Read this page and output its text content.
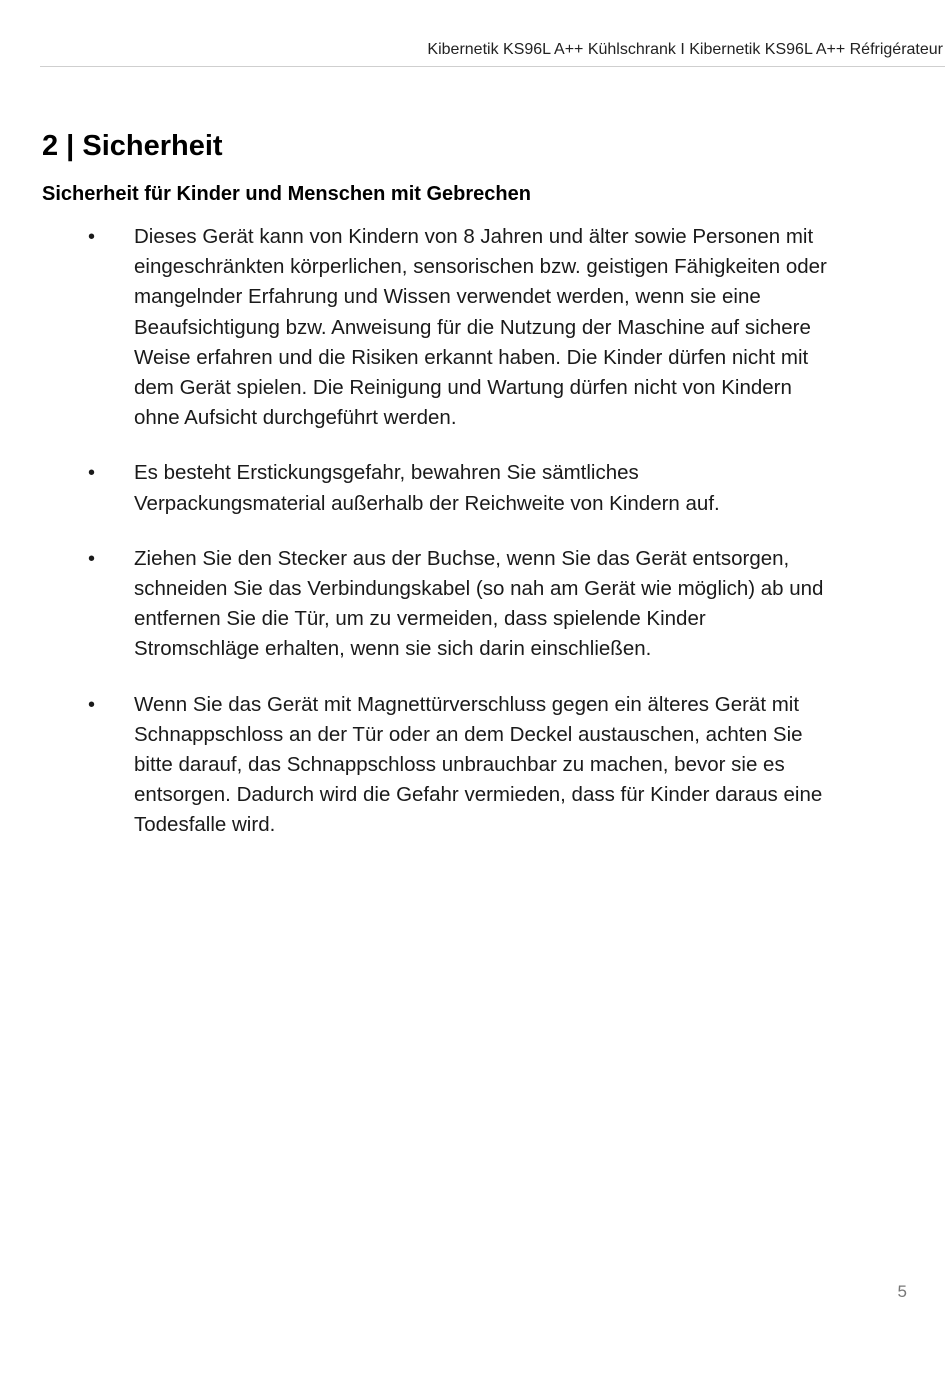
Kibernetik KS96L A++ Kühlschrank I Kibernetik KS96L A++ Réfrigérateur
2 | Sicherheit
Sicherheit für Kinder und Menschen mit Gebrechen
• Dieses Gerät kann von Kindern von 8 Jahren und älter sowie Personen mit
eingeschränkten körperlichen, sensorischen bzw. geistigen Fähigkeiten oder
mangelnder Erfahrung und Wissen verwendet werden, wenn sie eine
Beaufsichtigung bzw. Anweisung für die Nutzung der Maschine auf sichere
Weise erfahren und die Risiken erkannt haben. Die Kinder dürfen nicht mit
dem Gerät spielen. Die Reinigung und Wartung dürfen nicht von Kindern
ohne Aufsicht durchgeführt werden.
• Es besteht Erstickungsgefahr, bewahren Sie sämtliches
Verpackungsmaterial außerhalb der Reichweite von Kindern auf.
• Ziehen Sie den Stecker aus der Buchse, wenn Sie das Gerät entsorgen,
schneiden Sie das Verbindungskabel (so nah am Gerät wie möglich) ab und
entfernen Sie die Tür, um zu vermeiden, dass spielende Kinder
Stromschläge erhalten, wenn sie sich darin einschließen.
• Wenn Sie das Gerät mit Magnettürverschluss gegen ein älteres Gerät mit
Schnappschloss an der Tür oder an dem Deckel austauschen, achten Sie
bitte darauf, das Schnappschloss unbrauchbar zu machen, bevor sie es
entsorgen. Dadurch wird die Gefahr vermieden, dass für Kinder daraus eine
Todesfalle wird.
5
